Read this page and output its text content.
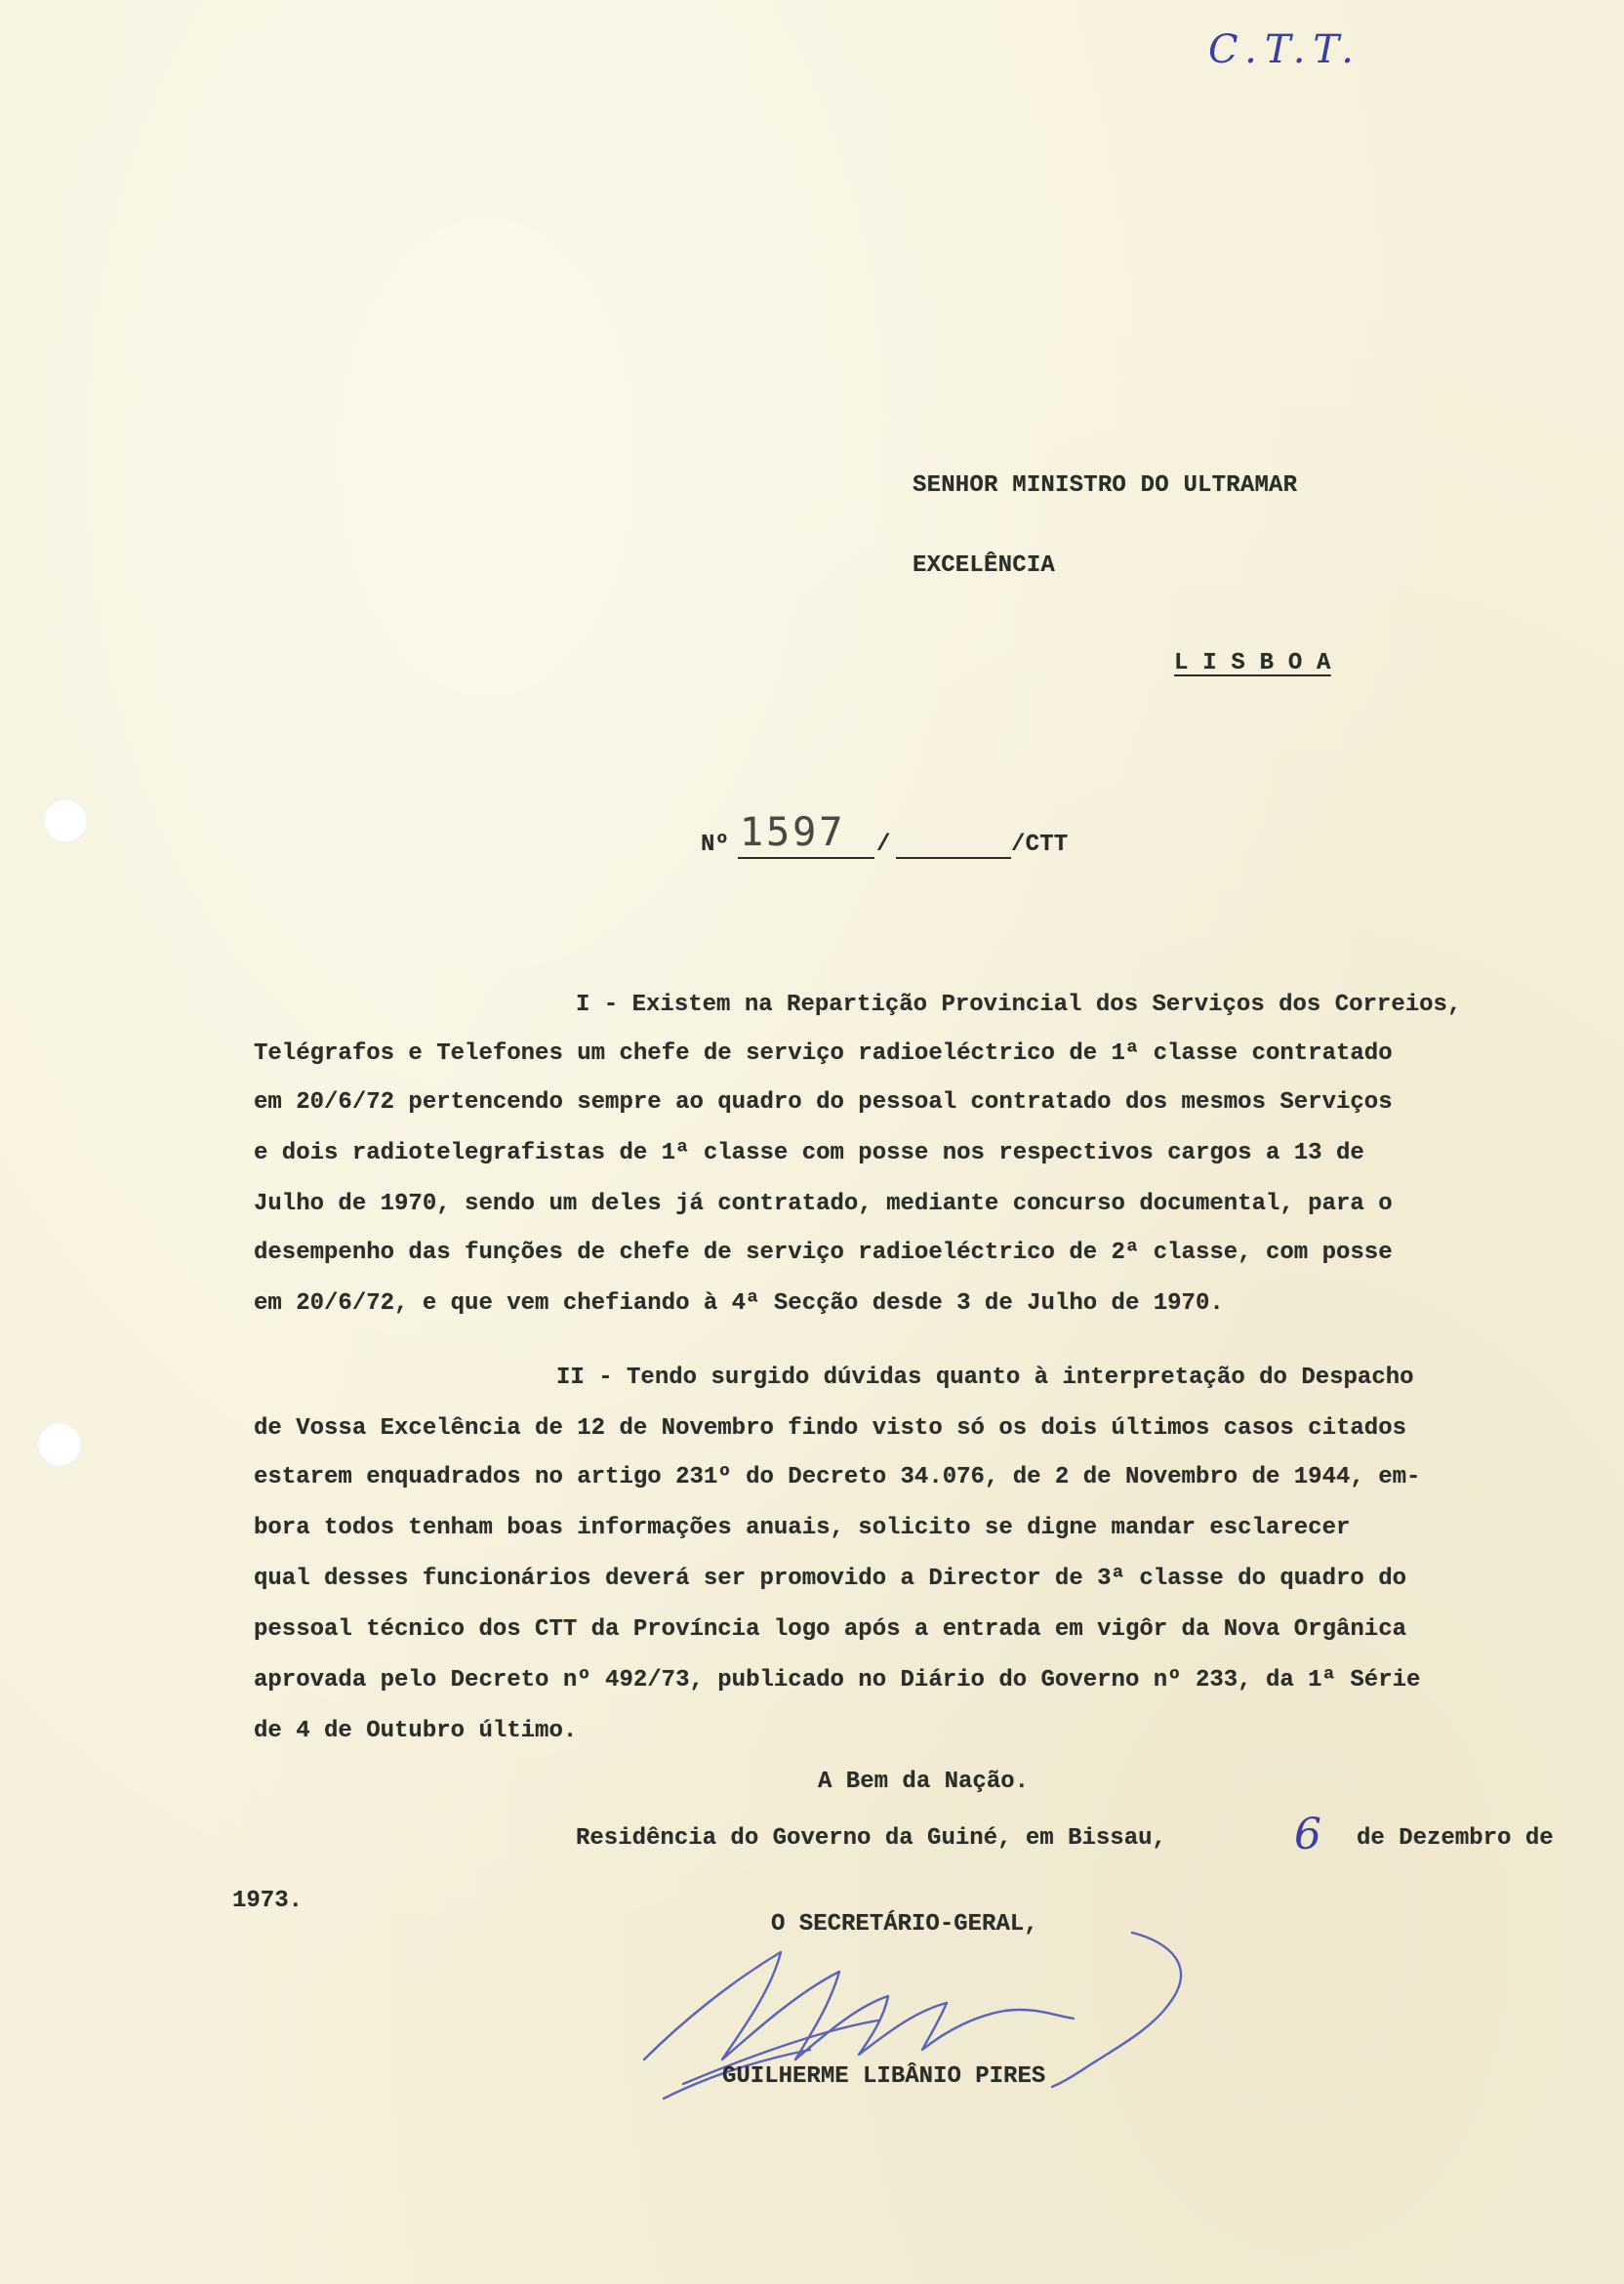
C.T.T.
SENHOR MINISTRO DO ULTRAMAR
EXCELÊNCIA
L I S B O A
Nº 1597 /	/CTT
I - Existem na Repartição Provincial dos Serviços dos Correios,
Telégrafos e Telefones um chefe de serviço radioeléctrico de 1ª classe contratado
em 20/6/72 pertencendo sempre ao quadro do pessoal contratado dos mesmos Serviços
e dois radiotelegrafistas de 1ª classe com posse nos respectivos cargos a 13 de
Julho de 1970, sendo um deles já contratado, mediante concurso documental, para o
desempenho das funções de chefe de serviço radioeléctrico de 2ª classe, com posse
em 20/6/72, e que vem chefiando à 4ª Secção desde 3 de Julho de 1970.
II - Tendo surgido dúvidas quanto à interpretação do Despacho
de Vossa Excelência de 12 de Novembro findo visto só os dois últimos casos citados
estarem enquadrados no artigo 231º do Decreto 34.076, de 2 de Novembro de 1944, em-
bora todos tenham boas informações anuais, solicito se digne mandar esclarecer
qual desses funcionários deverá ser promovido a Director de 3ª classe do quadro do
pessoal técnico dos CTT da Província logo após a entrada em vigôr da Nova Orgânica
aprovada pelo Decreto nº 492/73, publicado no Diário do Governo nº 233, da 1ª Série
de 4 de Outubro último.
A Bem da Nação.
Residência do Governo da Guiné, em Bissau,	6 de Dezembro de
1973.
O SECRETÁRIO-GERAL,
GUILHERME LIBÂNIO PIRES
